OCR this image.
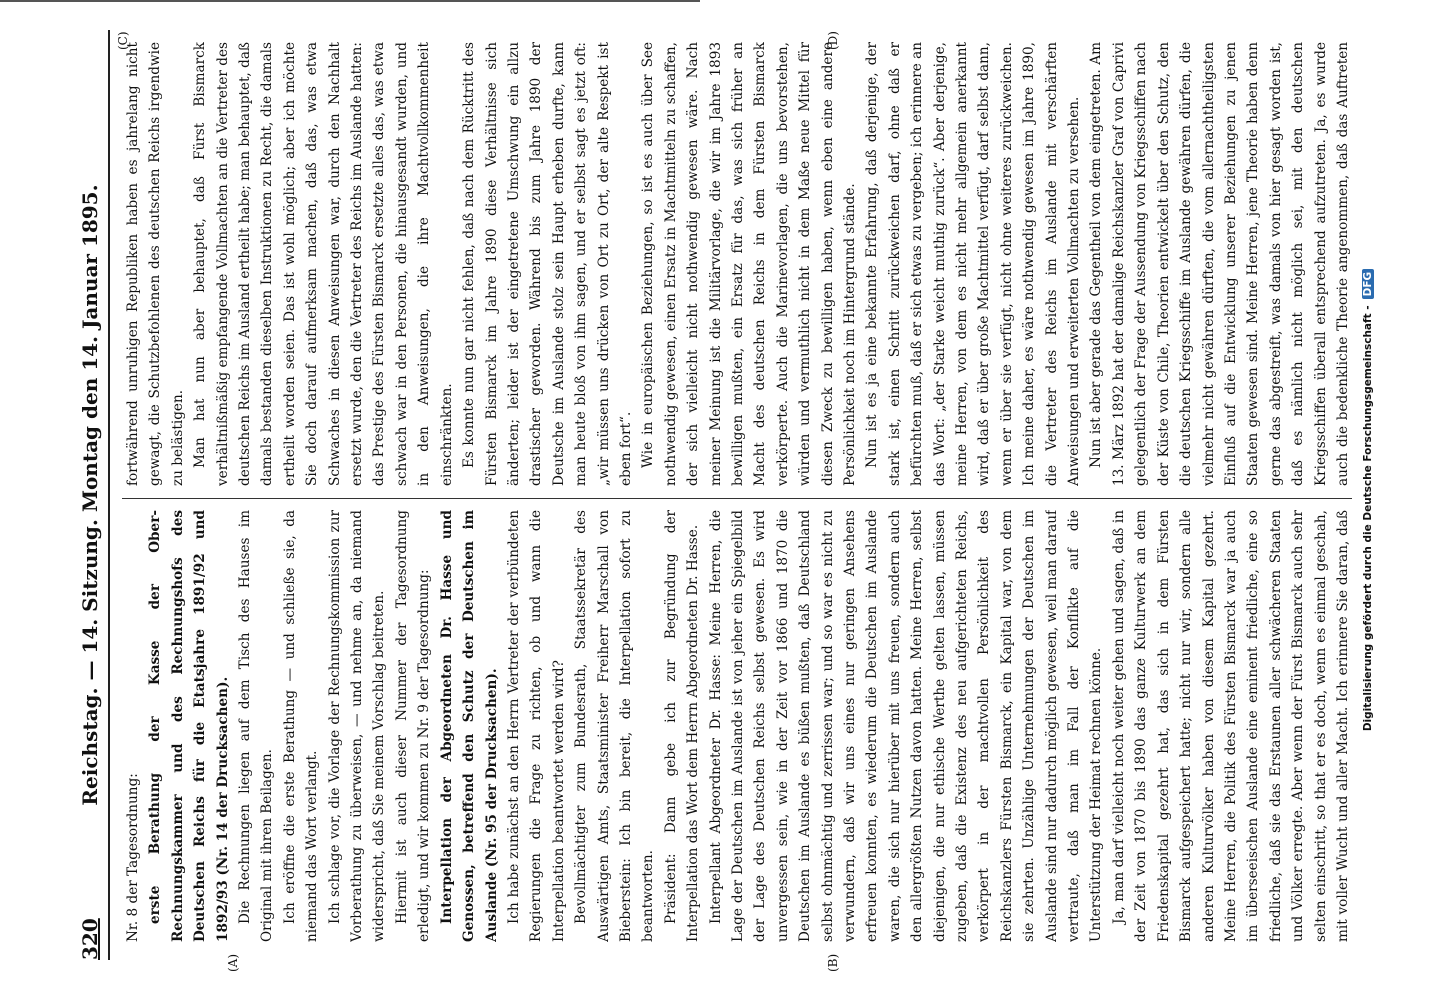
320
Reichstag. — 14. Sitzung. Montag den 14. Januar 1895.
(A)	(B)
(C)	(D)

Nr. 8 der Tagesordnung: erste Berathung der Kasse der Ober-Rechnungskammer und des Rechnungshofs des Deutschen Reichs für die Etatsjahre 1891/92 und 1892/93 (Nr. 14 der Drucksachen). Die Rechnungen liegen auf dem Tisch des Hauses im Original mit ihren Beilagen. Ich eröffne die erste Berathung — und schließe sie, da niemand das Wort verlangt. Ich schlage vor, die Vorlage der Rechnungskommission zur Vorberathung zu überweisen, — und nehme an, da niemand widerspricht, daß Sie meinem Vorschlag beitreten. Hiermit ist auch dieser Nummer der Tagesordnung erledigt, und wir kommen zu Nr. 9 der Tagesordnung: Interpellation der Abgeordneten Dr. Hasse und Genossen, betreffend den Schutz der Deutschen im Auslande (Nr. 95 der Drucksachen). Ich habe zunächst an den Herrn Vertreter der verbündeten Regierungen die Frage zu richten, ob und wann die Interpellation beantwortet werden wird? Bevollmächtigter zum Bundesrath, Staatssekretär des Auswärtigen Amts, Staatsminister Freiherr Marschall von Bieberstein: Ich bin bereit, die Interpellation sofort zu beantworten. Präsident: Dann gebe ich zur Begründung der Interpellation das Wort dem Herrn Abgeordneten Dr. Hasse. Interpellant Abgeordneter Dr. Hasse: Meine Herren, die Lage der Deutschen im Auslande ist von jeher ein Spiegelbild der Lage des Deutschen Reichs selbst gewesen. Es wird unvergessen sein, wie in der Zeit vor 1866 und 1870 die Deutschen im Auslande es büßen mußten, daß Deutschland selbst ohnmächtig und zerrissen war; und so war es nicht zu verwundern, daß wir uns eines nur geringen Ansehens erfreuen konnten, es wiederum die Deutschen im Auslande waren, die sich nur hierüber mit uns freuen, sondern auch den allergrößten Nutzen davon hatten. Meine Herren, selbst diejenigen, die nur ethische Werthe gelten lassen, müssen zugeben, daß die Existenz des neu aufgerichteten Reichs, verkörpert in der machtvollen Persönlichkeit des Reichskanzlers Fürsten Bismarck, ein Kapital war, von dem sie zehrten. Unzählige Unternehmungen der Deutschen im Auslande sind nur dadurch möglich gewesen, weil man darauf vertraute, daß man im Fall der Konflikte auf die Unterstützung der Heimat rechnen könne. Ja, man darf vielleicht noch weiter gehen und sagen, daß in der Zeit von 1870 bis 1890 das ganze Kulturwerk an dem Friedenskapital gezehrt hat, das sich in dem Fürsten Bismarck aufgespeichert hatte; nicht nur wir, sondern alle anderen Kulturvölker haben von diesem Kapital gezehrt. Meine Herren, die Politik des Fürsten Bismarck war ja auch im überseeischen Auslande eine eminent friedliche, eine so friedliche, daß sie das Erstaunen aller schwächeren Staaten und Völker erregte. Aber wenn der Fürst Bismarck auch sehr selten einschritt, so that er es doch, wenn es einmal geschah, mit voller Wucht und aller Macht. Ich erinnere Sie daran, daß

fortwährend unruhigen Republiken haben es jahrelang nicht gewagt, die Schutzbefohlenen des deutschen Reichs irgendwie zu belästigen. Man hat nun aber behauptet, daß Fürst Bismarck verhältnißmäßig empfangende Vollmachten an die Vertreter des deutschen Reichs im Ausland ertheilt habe; man behauptet, daß damals bestanden dieselben Instruktionen zu Recht, die damals ertheilt worden seien. Das ist wohl möglich; aber ich möchte Sie doch darauf aufmerksam machen, daß das, was etwa Schwaches in diesen Anweisungen war, durch den Nachhalt ersetzt wurde, den die Vertreter des Reichs im Auslande hatten: das Prestige des Fürsten Bismarck ersetzte alles das, was etwa schwach war in den Personen, die hinausgesandt wurden, und in den Anweisungen, die ihre Machtvollkommenheit einschränkten. Es konnte nun gar nicht fehlen, daß nach dem Rücktritt des Fürsten Bismarck im Jahre 1890 diese Verhältnisse sich änderten; leider ist der eingetretene Umschwung ein allzu drastischer geworden. Während bis zum Jahre 1890 der Deutsche im Auslande stolz sein Haupt erheben durfte, kann man heute bloß von ihm sagen, und er selbst sagt es jetzt oft: „wir müssen uns drücken von Ort zu Ort, der alte Respekt ist eben fort“. Wie in europäischen Beziehungen, so ist es auch über See nothwendig gewesen, einen Ersatz in Machtmitteln zu schaffen, der sich vielleicht nicht nothwendig gewesen wäre. Nach meiner Meinung ist die Militärvorlage, die wir im Jahre 1893 bewilligen mußten, ein Ersatz für das, was sich früher an Macht des deutschen Reichs in dem Fürsten Bismarck verkörperte. Auch die Marinevorlagen, die uns bevorstehen, würden und vermuthlich nicht in dem Maße neue Mittel für diesen Zweck zu bewilligen haben, wenn eben eine andere Persönlichkeit noch im Hintergrund stände. Nun ist es ja eine bekannte Erfahrung, daß derjenige, der stark ist, einen Schritt zurückweichen darf, ohne daß er befürchten muß, daß er sich etwas zu vergeben; ich erinnere an das Wort: „der Starke weicht muthig zurück“. Aber derjenige, meine Herren, von dem es nicht mehr allgemein anerkannt wird, daß er über große Machtmittel verfügt, darf selbst dann, wenn er über sie verfügt, nicht ohne weiteres zurückweichen. Ich meine daher, es wäre nothwendig gewesen im Jahre 1890, die Vertreter des Reichs im Auslande mit verschärften Anweisungen und erweiterten Vollmachten zu versehen. Nun ist aber gerade das Gegentheil von dem eingetreten. Am 13. März 1892 hat der damalige Reichskanzler Graf von Caprivi gelegentlich der Frage der Aussendung von Kriegsschiffen nach der Küste von Chile, Theorien entwickelt über den Schutz, den die deutschen Kriegsschiffe im Auslande gewähren dürfen, die vielmehr nicht gewähren dürften, die vom allernachtheiligsten Einfluß auf die Entwicklung unserer Beziehungen zu jenen Staaten gewesen sind. Meine Herren, jene Theorie haben denn gerne das abgestreift, was damals von hier gesagt worden ist, daß es nämlich nicht möglich sei, mit den deutschen Kriegsschiffen überall entsprechend aufzutreten. Ja, es wurde auch die bedenkliche Theorie angenommen, daß das Auftreten

Digitalisierung gefördert durch die Deutsche Forschungsgemeinschaft -DFG
